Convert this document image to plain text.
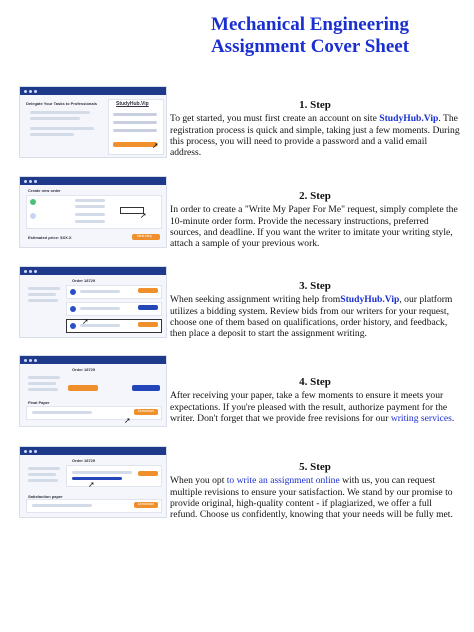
Mechanical Engineering
Assignment Cover Sheet
Delegate Your Tasks to Professionals	StudyHub.Vip
➚
Create new order
➚
Estimated price: $XX.X	Next step
Order 18729
➚
Order 18729
Final Paper
Download
➚
Order 18729
➚
Satisfaction paper
Download
1. Step

To get started, you must first create an account on site StudyHub.Vip. The registration process is quick and simple, taking just a few moments. During this process, you will need to provide a password and a valid email address.

2. Step

In order to create a "Write My Paper For Me" request, simply complete the 10-minute order form. Provide the necessary instructions, preferred sources, and deadline. If you want the writer to imitate your writing style, attach a sample of your previous work.

3. Step

When seeking assignment writing help fromStudyHub.Vip, our platform utilizes a bidding system. Review bids from our writers for your request, choose one of them based on qualifications, order history, and feedback, then place a deposit to start the assignment writing.

4. Step

After receiving your paper, take a few moments to ensure it meets your expectations. If you're pleased with the result, authorize payment for the writer. Don't forget that we provide free revisions for our writing services.

5. Step

When you opt to write an assignment online with us, you can request multiple revisions to ensure your satisfaction. We stand by our promise to provide original, high-quality content - if plagiarized, we offer a full refund. Choose us confidently, knowing that your needs will be fully met.
